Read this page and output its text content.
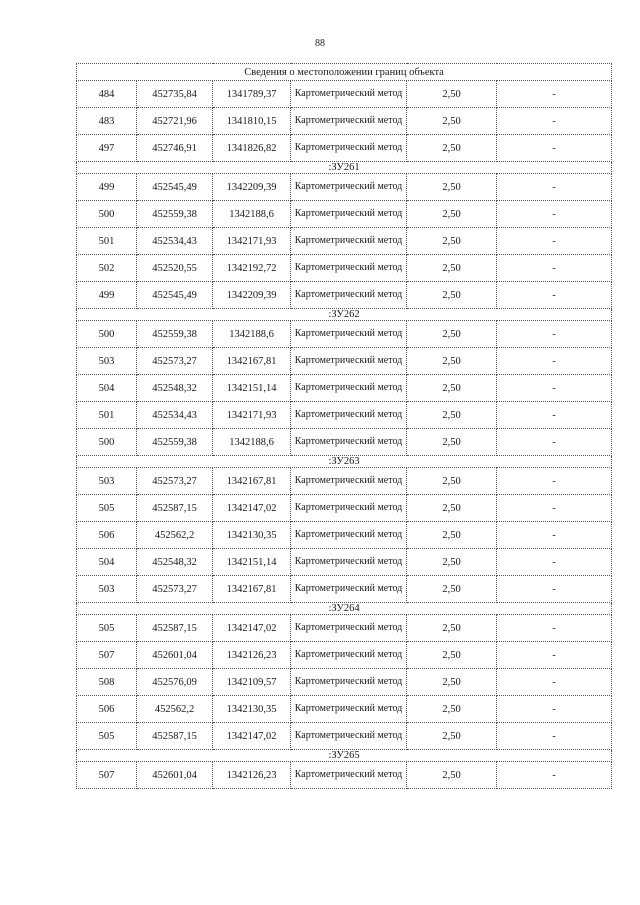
88
Сведения о местоположении границ объекта					
484	452735,84	1341789,37	Картометрический метод	2,50	-
483	452721,96	1341810,15	Картометрический метод	2,50	-
497	452746,91	1341826,82	Картометрический метод	2,50	-
:ЗУ261					
499	452545,49	1342209,39	Картометрический метод	2,50	-
500	452559,38	1342188,6	Картометрический метод	2,50	-
501	452534,43	1342171,93	Картометрический метод	2,50	-
502	452520,55	1342192,72	Картометрический метод	2,50	-
499	452545,49	1342209,39	Картометрический метод	2,50	-
:ЗУ262					
500	452559,38	1342188,6	Картометрический метод	2,50	-
503	452573,27	1342167,81	Картометрический метод	2,50	-
504	452548,32	1342151,14	Картометрический метод	2,50	-
501	452534,43	1342171,93	Картометрический метод	2,50	-
500	452559,38	1342188,6	Картометрический метод	2,50	-
:ЗУ263					
503	452573,27	1342167,81	Картометрический метод	2,50	-
505	452587,15	1342147,02	Картометрический метод	2,50	-
506	452562,2	1342130,35	Картометрический метод	2,50	-
504	452548,32	1342151,14	Картометрический метод	2,50	-
503	452573,27	1342167,81	Картометрический метод	2,50	-
:ЗУ264					
505	452587,15	1342147,02	Картометрический метод	2,50	-
507	452601,04	1342126,23	Картометрический метод	2,50	-
508	452576,09	1342109,57	Картометрический метод	2,50	-
506	452562,2	1342130,35	Картометрический метод	2,50	-
505	452587,15	1342147,02	Картометрический метод	2,50	-
:ЗУ265					
507	452601,04	1342126,23	Картометрический метод	2,50	-
